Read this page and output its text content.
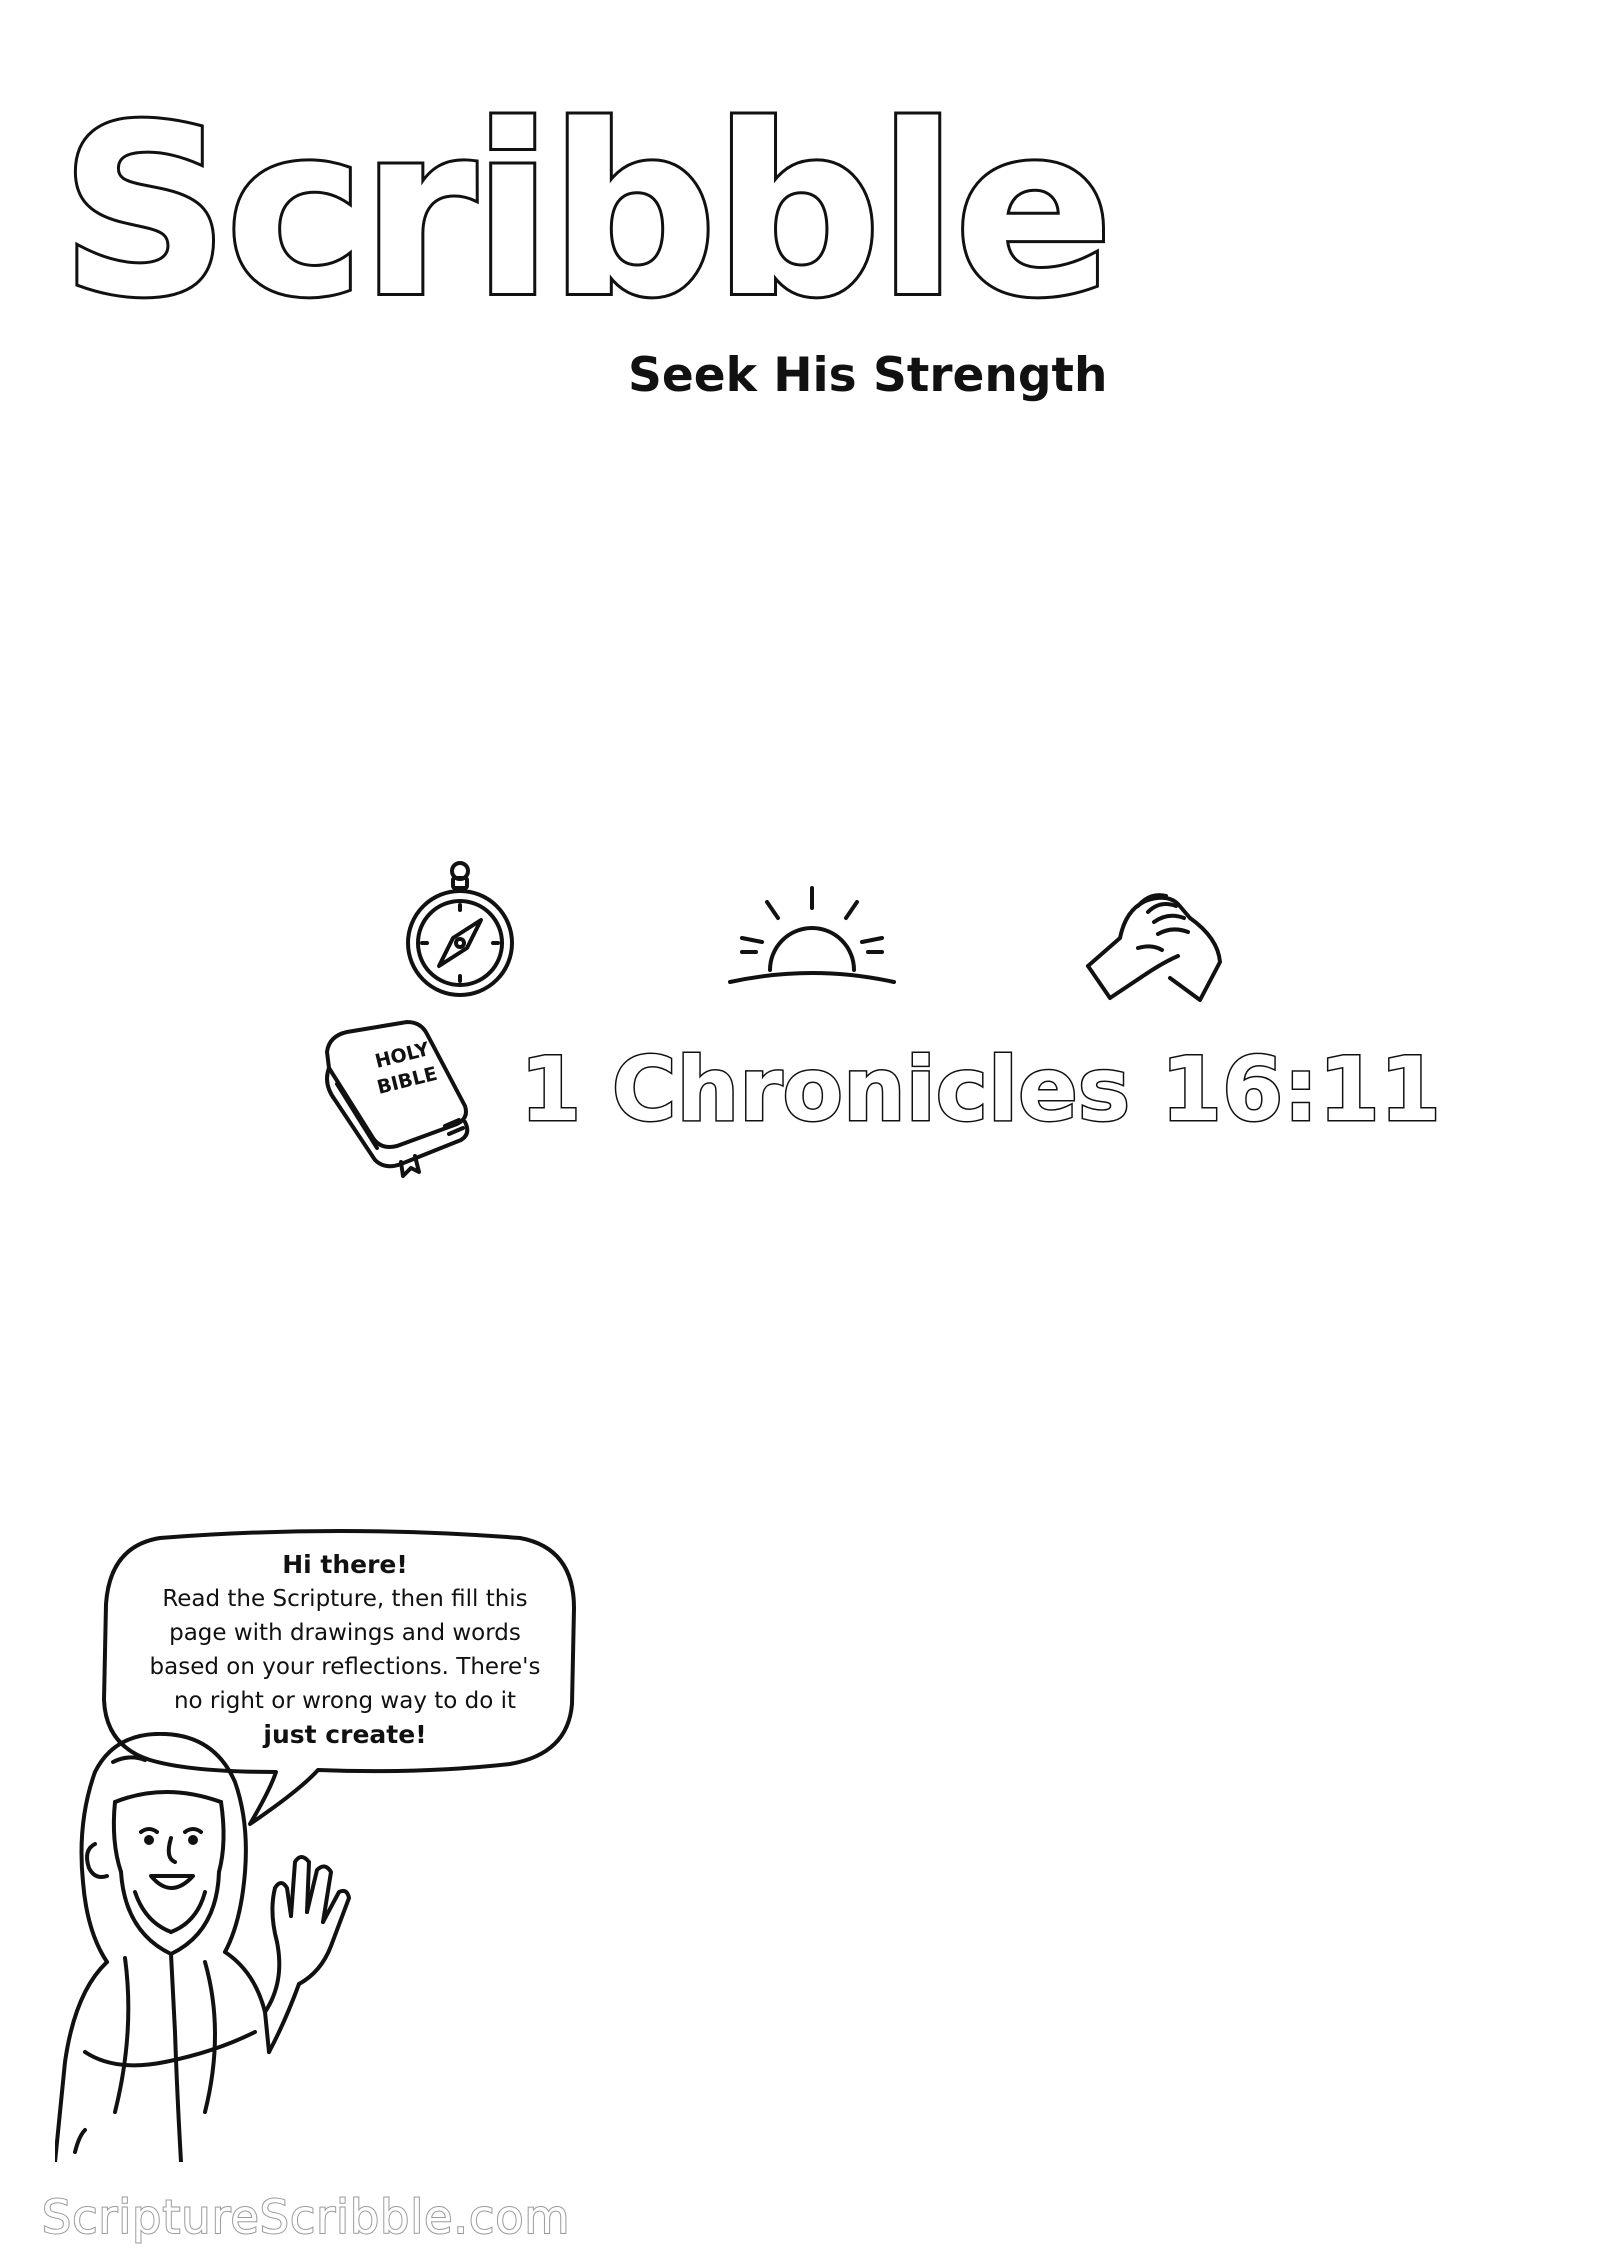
Scribble
Seek His Strength
HOLY
BIBLE 1 Chronicles 16:11
Hi there!
Read the Scripture, then fill this
page with drawings and words
based on your reflections. There's
no right or wrong way to do it
just create!
ScriptureScribble.com
